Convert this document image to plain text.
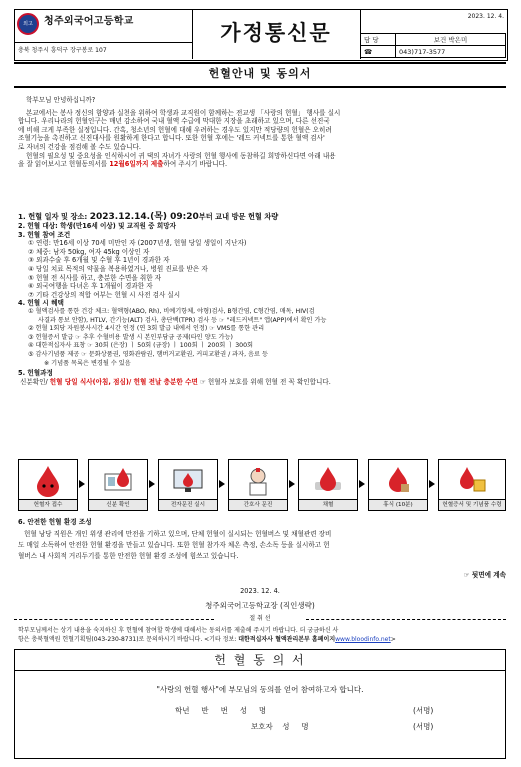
외고	청주외국어고등학교
충북 청주시 흥덕구 장구봉로 107
가정통신문
2023. 12. 4.
담 당	보건 박은미
☎	043)717-3577
헌혈안내 및 동의서
학부모님 안녕하십니까?
본교에서는 봉사 정신의 함양과 실천을 위하여 학생과 교직원이 함께하는 전교생 「사랑의 헌혈」 행사를 실시
합니다. 우리나라의 헌혈인구는 매년 감소하여 국내 혈액 수급에 막대한 지장을 초래하고 있으며, 다른 선진국
에 비해 크게 부족한 실정입니다. 간혹, 청소년의 헌혈에 대해 우려하는 경우도 있지만 적당량의 헌혈은 오히려
조혈기능을 촉진하고 신진대사를 원활하게 한다고 합니다. 또한 헌혈 후에는 '레드 커넥트를 통한 혈액 검사'
로 자녀의 건강을 점검해 볼 수도 있습니다.
헌혈의 필요성 및 중요성을 인식하시어 귀 댁의 자녀가 사랑의 헌혈 행사에 동참하길 희망하신다면 아래 내용
을 잘 읽어보시고 헌혈동의서를 12월6일까지 제출하여 주시기 바랍니다.
1. 헌혈 일자 및 장소: 2023.12.14.(목) 09:20부터 교내 방문 헌혈 차량
2. 헌혈 대상: 학생(만16세 이상) 및 교직원 중 희망자
3. 헌혈 참여 조건
① 연령: 만16세 이상 70세 미만인 자 (2007년생, 헌혈 당일 생일이 지난자)
② 체중: 남자 50kg, 여자 45kg 이상인 자
③ 외과수술 후 6개월 및 수혈 후 1년이 경과한 자
④ 당일 치료 목적의 약물을 복용하였거나, 병원 진료를 받은 자
⑤ 헌혈 전 식사를 하고, 충분한 수면을 취한 자
⑥ 외국여행을 다녀온 후 1개월이 경과한 자
⑦ 기타 건강상의 적합 여부는 헌혈 시 사전 검사 실시
4. 헌혈 시 혜택
① 혈액검사를 통한 건강 체크: 혈액형(ABO, Rh), 비예기항체, 야형)검사, B형간염, C형간염, 매독, HIV(검
사결과 통보 안함), HTLV, 간기능(ALT) 검사, 총단백(TPR) 검사 등 ☞ "레드커넥트" 앱(APP)에서 확인 가능
② 헌혈 1회당 자원봉사시간 4시간 인정 (연 3회 발급 내에서 인정) ☞ VMS를 통한 관리
③ 헌혈증서 발급 ☞ 추후 수혈비용 발생 시 본인부담금 공제(타인 양도 가능)
④ 대한적십자사 표창 ☞ 30회 (은장) ㅣ 50회 (금장) ㅣ 100회 ㅣ 200회 ㅣ 300회
⑤ 감사기념품 제공 ☞ 문화상품권, 영화관람권, 햄버거교환권, 커피교환권 / 과자, 음료 등
※ 기념품 목록은 변경될 수 있음
5. 헌혈과정
신분확인/ 헌혈 당일 식사(아침, 점심)/ 헌혈 전날 충분한 수면 ☞ 헌혈자 보호를 위해 헌혈 전 꼭 확인합니다.
헌혈자 접수	신분 확인	전자문진 실시	간호사 문진	채혈	휴식 (10분)	헌혈증서 및 기념품 수령
6. 안전한 헌혈 환경 조성
헌혈 낭당 직원은 개인 위생 관리에 만전을 기하고 있으며, 단체 헌혈이 실시되는 헌혈버스 및 채혈관련 장비
도 매일 소독하여 안전한 헌혈 환경을 만들고 있습니다. 또한 헌혈 참가자 체온 측정, 손소독 등을 실시하고 헌
혈버스 내 사회적 거리두기를 통한 안전한 헌혈 환경 조성에 힘쓰고 있습니다.
☞ 뒷면에 계속
2023. 12. 4.
청주외국어고등학교장 (직인생략)
절 취 선
학부모님께서는 상기 내용을 숙지하신 후 헌혈에 참여할 학생에 대해서는 동의서를 제출해 주시기 바랍니다. 더 궁금하신 사
항은 충북혈액원 헌혈기획팀(043-230-8731)로 문의하시기 바랍니다. <기타 정보: 대한적십자사 혈액관리본부 홈페이지www.bloodinfo.net>
헌 혈 동 의 서
"사랑의 헌혈 행사"에 부모님의 동의를 얻어 참여하고자 합니다.
학년     반     번     성     명	(서명)
보호자    성     명	(서명)
